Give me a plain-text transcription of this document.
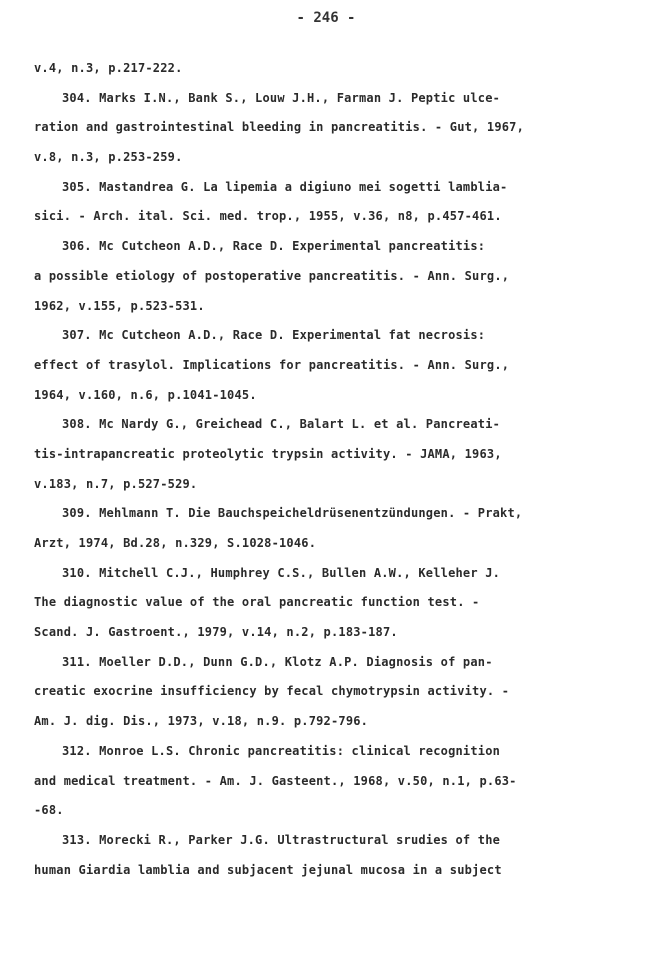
- 246 -
v.4, n.3, p.217-222.
304. Marks I.N., Bank S., Louw J.H., Farman J. Peptic ulce-
ration and gastrointestinal bleeding in pancreatitis. - Gut, 1967,
v.8, n.3, p.253-259.
305. Mastandrea G. La lipemia a digiuno mei sogetti lamblia-
sici. - Arch. ital. Sci. med. trop., 1955, v.36, n8, p.457-461.
306. Mc Cutcheon A.D., Race D. Experimental pancreatitis:
a possible etiology of postoperative pancreatitis. - Ann. Surg.,
1962, v.155, p.523-531.
307. Mc Cutcheon A.D., Race D. Experimental fat necrosis:
effect of trasylol. Implications for pancreatitis. - Ann. Surg.,
1964, v.160, n.6, p.1041-1045.
308. Mc Nardy G., Greichead C., Balart L. et al. Pancreati-
tis-intrapancreatic proteolytic trypsin activity. - JAMA, 1963,
v.183, n.7, p.527-529.
309. Mehlmann T. Die Bauchspeicheldrüsenentzündungen. - Prakt,
Arzt, 1974, Bd.28, n.329, S.1028-1046.
310. Mitchell C.J., Humphrey C.S., Bullen A.W., Kelleher J.
The diagnostic value of the oral pancreatic function test. -
Scand. J. Gastroent., 1979, v.14, n.2, p.183-187.
311. Moeller D.D., Dunn G.D., Klotz A.P. Diagnosis of pan-
creatic exocrine insufficiency by fecal chymotrypsin activity. -
Am. J. dig. Dis., 1973, v.18, n.9. p.792-796.
312. Monroe L.S. Chronic pancreatitis: clinical recognition
and medical treatment. - Am. J. Gasteent., 1968, v.50, n.1, p.63-
-68.
313. Morecki R., Parker J.G. Ultrastructural srudies of the
human Giardia lamblia and subjacent jejunal mucosa in a subject
